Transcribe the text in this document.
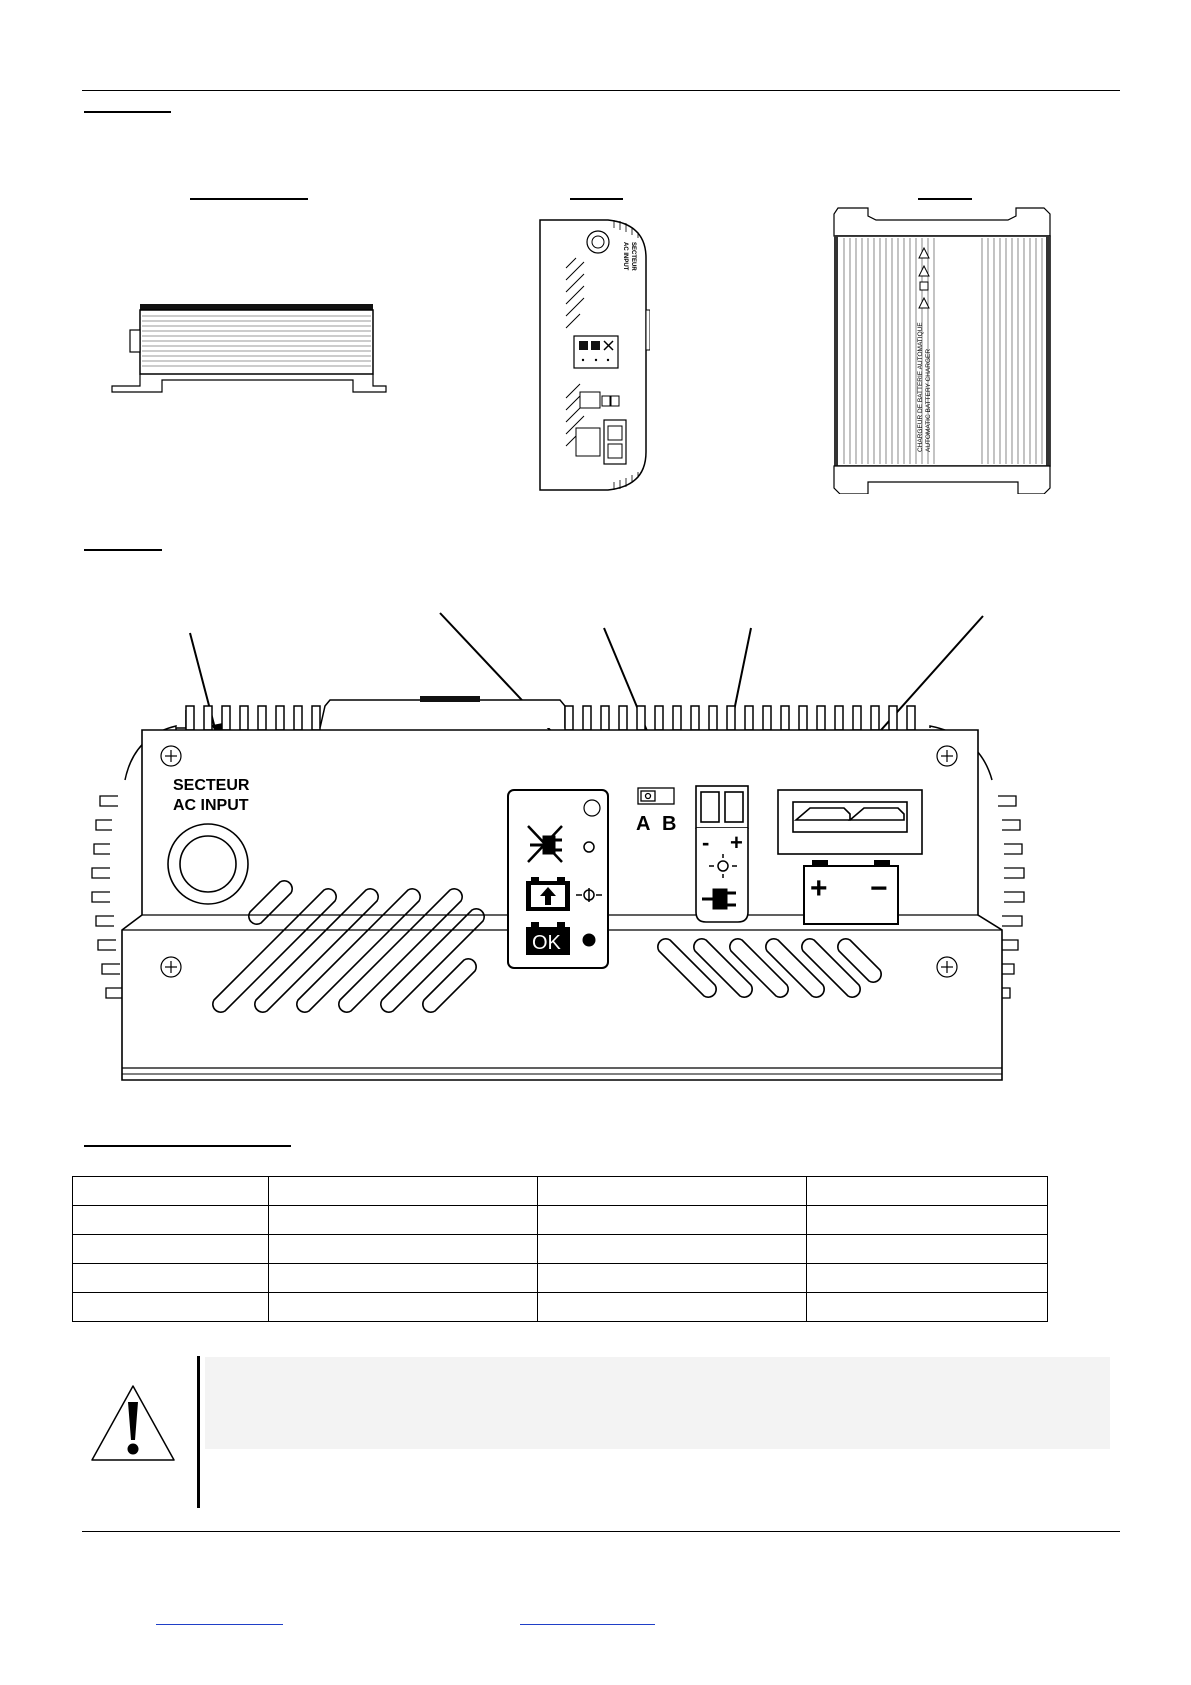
SECTEUR
AC INPUT
CHARGEUR DE BATTERIE AUTOMATIQUE AUTOMATIC BATTERY CHARGER
SECTEUR
AC INPUT
OK
A B
- +
+ −
